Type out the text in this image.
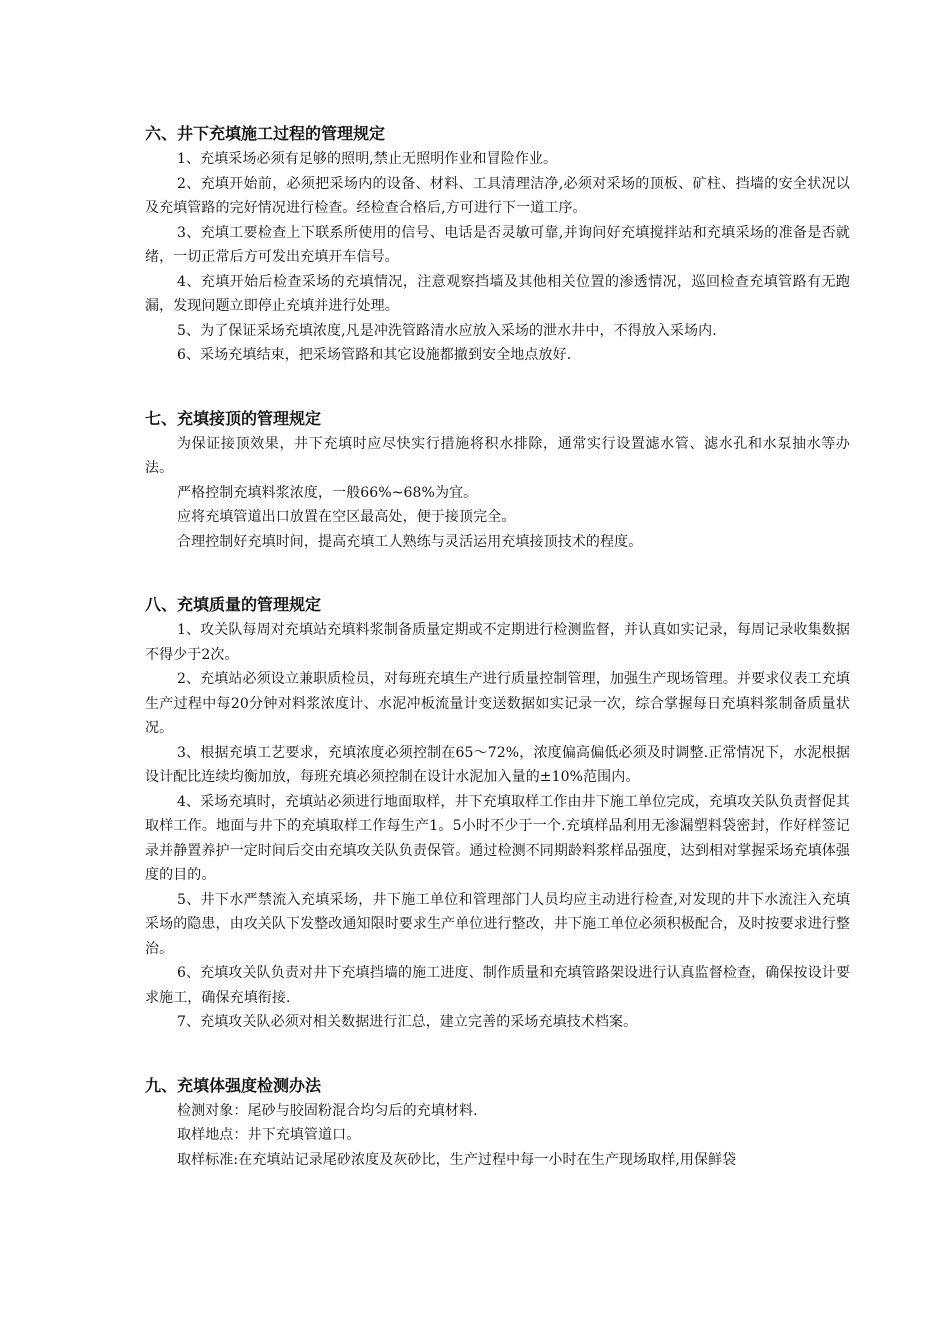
六、井下充填施工过程的管理规定

1、充填采场必须有足够的照明,禁止无照明作业和冒险作业。

2、充填开始前，必须把采场内的设备、材料、工具清理洁净,必须对采场的顶板、矿柱、挡墙的安全状况以及充填管路的完好情况进行检查。经检查合格后,方可进行下一道工序。

3、充填工要检查上下联系所使用的信号、电话是否灵敏可靠,并询问好充填搅拌站和充填采场的准备是否就绪，一切正常后方可发出充填开车信号。

4、充填开始后检查采场的充填情况，注意观察挡墙及其他相关位置的渗透情况，巡回检查充填管路有无跑漏，发现问题立即停止充填并进行处理。

5、为了保证采场充填浓度,凡是冲洗管路清水应放入采场的泄水井中，不得放入采场内.

6、采场充填结束，把采场管路和其它设施都撤到安全地点放好.

七、充填接顶的管理规定

为保证接顶效果，井下充填时应尽快实行措施将积水排除，通常实行设置滤水管、滤水孔和水泵抽水等办法。

严格控制充填料浆浓度，一般66%~68%为宜。

应将充填管道出口放置在空区最高处，便于接顶完全。

合理控制好充填时间，提高充填工人熟练与灵活运用充填接顶技术的程度。

八、充填质量的管理规定

1、攻关队每周对充填站充填料浆制备质量定期或不定期进行检测监督，并认真如实记录，每周记录收集数据不得少于2次。

2、充填站必须设立兼职质检员，对每班充填生产进行质量控制管理，加强生产现场管理。并要求仪表工充填生产过程中每20分钟对料浆浓度计、水泥冲板流量计变送数据如实记录一次，综合掌握每日充填料浆制备质量状况。

3、根据充填工艺要求，充填浓度必须控制在65～72%，浓度偏高偏低必须及时调整.正常情况下，水泥根据设计配比连续均衡加放，每班充填必须控制在设计水泥加入量的±10%范围内。

4、采场充填时，充填站必须进行地面取样，井下充填取样工作由井下施工单位完成，充填攻关队负责督促其取样工作。地面与井下的充填取样工作每生产1。5小时不少于一个.充填样品利用无渗漏塑料袋密封，作好样签记录并静置养护一定时间后交由充填攻关队负责保管。通过检测不同期龄料浆样品强度，达到相对掌握采场充填体强度的目的。

5、井下水严禁流入充填采场，井下施工单位和管理部门人员均应主动进行检查,对发现的井下水流注入充填采场的隐患，由攻关队下发整改通知限时要求生产单位进行整改，井下施工单位必须积极配合，及时按要求进行整治。

6、充填攻关队负责对井下充填挡墙的施工进度、制作质量和充填管路架设进行认真监督检查，确保按设计要求施工，确保充填衔接.

7、充填攻关队必须对相关数据进行汇总，建立完善的采场充填技术档案。

九、充填体强度检测办法

检测对象：尾砂与胶固粉混合均匀后的充填材料.

取样地点：井下充填管道口。

取样标准:在充填站记录尾砂浓度及灰砂比，生产过程中每一小时在生产现场取样,用保鲜袋
